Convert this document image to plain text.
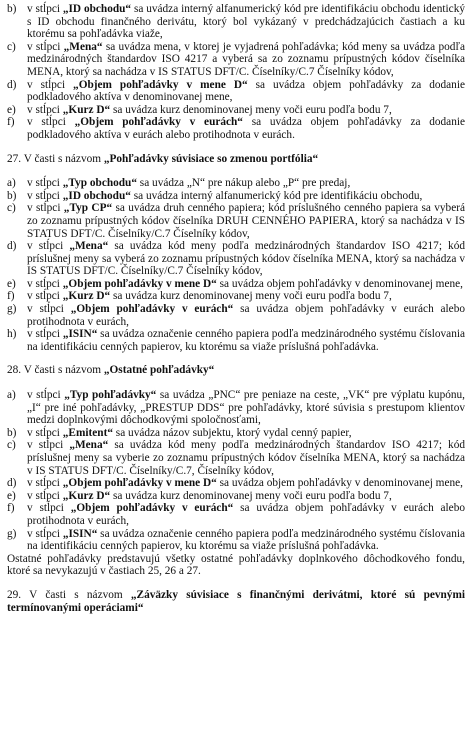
b) v stĺpci „ID obchodu“ sa uvádza interný alfanumerický kód pre identifikáciu obchodu identický s ID obchodu finančného derivátu, ktorý bol vykázaný v predchádzajúcich častiach a ku ktorému sa pohľadávka viaže,
c) v stĺpci „Mena“ sa uvádza mena, v ktorej je vyjadrená pohľadávka; kód meny sa uvádza podľa medzinárodných štandardov ISO 4217 a vyberá sa zo zoznamu prípustných kódov číselníka MENA, ktorý sa nachádza v IS STATUS DFT/C. Číselníky/C.7 Číselníky kódov,
d) v stĺpci „Objem pohľadávky v mene D“ sa uvádza objem pohľadávky za dodanie podkladového aktíva v denominovanej mene,
e) v stĺpci „Kurz D“ sa uvádza kurz denominovanej meny voči euru podľa bodu 7,
f)	v stĺpci „Objem pohľadávky v eurách“ sa uvádza objem pohľadávky za dodanie podkladového aktíva v eurách alebo protihodnota v eurách.
27. V časti s názvom „Pohľadávky súvisiace so zmenou portfólia“
a) v stĺpci „Typ obchodu“ sa uvádza „N“ pre nákup alebo „P“ pre predaj,
b) v stĺpci „ID obchodu“ sa uvádza interný alfanumerický kód pre identifikáciu obchodu,
c) v stĺpci „Typ CP“ sa uvádza druh cenného papiera; kód príslušného cenného papiera sa vyberá zo zoznamu prípustných kódov číselníka DRUH CENNÉHO PAPIERA, ktorý sa nachádza v IS STATUS DFT/C. Číselníky/C.7 Číselníky kódov,
d) v stĺpci „Mena“ sa uvádza kód meny podľa medzinárodných štandardov ISO 4217; kód príslušnej meny sa vyberá zo zoznamu prípustných kódov číselníka MENA, ktorý sa nachádza v IS STATUS DFT/C. Číselníky/C.7 Číselníky kódov,
e) v stĺpci „Objem pohľadávky v mene D“ sa uvádza objem pohľadávky v denominovanej mene,
f)	v stĺpci „Kurz D“ sa uvádza kurz denominovanej meny voči euru podľa bodu 7,
g) v stĺpci „Objem pohľadávky v eurách“ sa uvádza objem pohľadávky v eurách alebo protihodnota v eurách,
h) v stĺpci „ISIN“ sa uvádza označenie cenného papiera podľa medzinárodného systému číslovania na identifikáciu cenných papierov, ku ktorému sa viaže príslušná pohľadávka.
28. V časti s názvom „Ostatné pohľadávky“
a) v stĺpci „Typ pohľadávky“ sa uvádza „PNC“ pre peniaze na ceste, „VK“ pre výplatu kupónu, „I“ pre iné pohľadávky, „PRESTUP DDS“ pre pohľadávky, ktoré súvisia s prestupom klientov medzi doplnkovými dôchodkovými spoločnosťami,
b) v stĺpci „Emitent“ sa uvádza názov subjektu, ktorý vydal cenný papier,
c) v stĺpci „Mena“ sa uvádza kód meny podľa medzinárodných štandardov ISO 4217; kód príslušnej meny sa vyberie zo zoznamu prípustných kódov číselníka MENA, ktorý sa nachádza v IS STATUS DFT/C. Číselníky/C.7, Číselníky kódov,
d) v stĺpci „Objem pohľadávky v mene D“ sa uvádza objem pohľadávky v denominovanej mene,
e) v stĺpci „Kurz D“ sa uvádza kurz denominovanej meny voči euru podľa bodu 7,
f)	v stĺpci „Objem pohľadávky v eurách“ sa uvádza objem pohľadávky v eurách alebo protihodnota v eurách,
g) v stĺpci „ISIN“ sa uvádza označenie cenného papiera podľa medzinárodného systému číslovania na identifikáciu cenných papierov, ku ktorému sa viaže príslušná pohľadávka.
Ostatné pohľadávky predstavujú všetky ostatné pohľadávky doplnkového dôchodkového fondu, ktoré sa nevykazujú v častiach 25, 26 a 27.
29. V časti s názvom „Záväzky súvisiace s finančnými derivátmi, ktoré sú pevnými termínovanými operáciami“
